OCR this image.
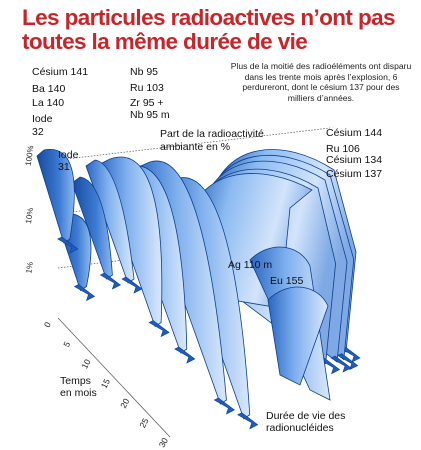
Les particules radioactives n’ont pas toutes la même durée de vie
Plus de la moitié des radioéléments ont disparu dans les trente mois après l’explosion, 6 perdureront, dont le césium 137 pour des milliers d’années.
100%
10%
1%
0
5
10
15
20
25
30
Césium 141
Ba 140
La 140
Iode
32
Iode
31
Nb 95
Ru 103
Zr 95 +
Nb 95 m
Part de la radioactivité
ambiante en %
Césium 144
Ru 106
Césium 134
Césium 137
Ag 110 m
Eu 155
Temps
en mois
Durée de vie des
radionucléides
